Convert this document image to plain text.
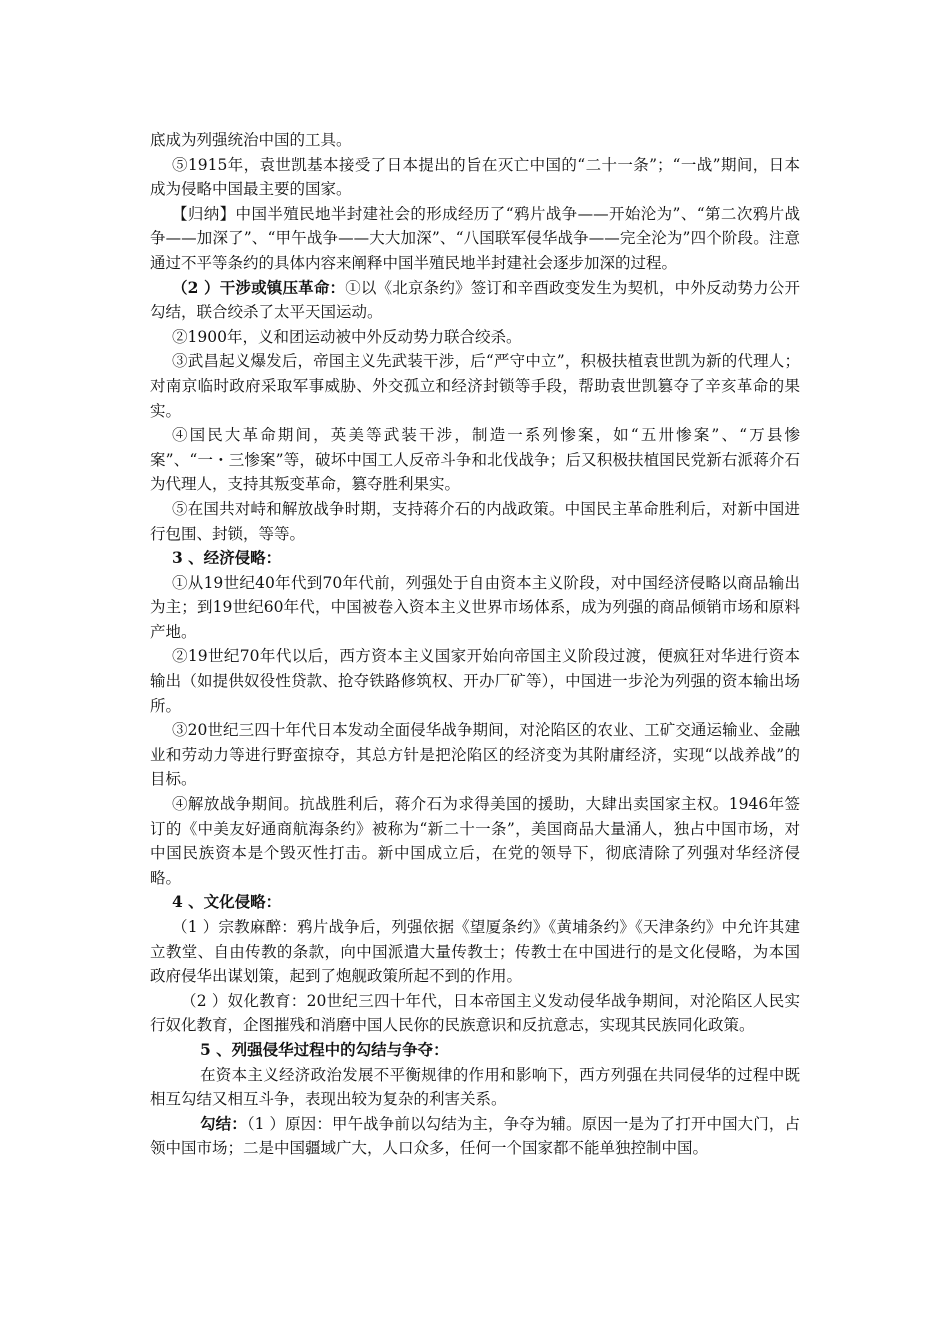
底成为列强统治中国的工具。

⑤1915年，袁世凯基本接受了日本提出的旨在灭亡中国的“二十一条”；“一战”期间，日本成为侵略中国最主要的国家。

【归纳】中国半殖民地半封建社会的形成经历了“鸦片战争——开始沦为”、“第二次鸦片战争——加深了”、“甲午战争——大大加深”、“八国联军侵华战争——完全沦为”四个阶段。注意通过不平等条约的具体内容来阐释中国半殖民地半封建社会逐步加深的过程。

（2 ）干涉或镇压革命：①以《北京条约》签订和辛酉政变发生为契机，中外反动势力公开勾结，联合绞杀了太平天国运动。

②1900年，义和团运动被中外反动势力联合绞杀。

③武昌起义爆发后，帝国主义先武装干涉，后“严守中立”，积极扶植袁世凯为新的代理人；对南京临时政府采取军事威胁、外交孤立和经济封锁等手段，帮助袁世凯篡夺了辛亥革命的果实。

④国民大革命期间，英美等武装干涉，制造一系列惨案，如“五卅惨案”、“万县惨案”、“一・三惨案”等，破坏中国工人反帝斗争和北伐战争；后又积极扶植国民党新右派蒋介石为代理人，支持其叛变革命，篡夺胜利果实。

⑤在国共对峙和解放战争时期，支持蒋介石的内战政策。中国民主革命胜利后，对新中国进行包围、封锁，等等。

3 、经济侵略：

①从19世纪40年代到70年代前，列强处于自由资本主义阶段，对中国经济侵略以商品输出为主；到19世纪60年代，中国被卷入资本主义世界市场体系，成为列强的商品倾销市场和原料产地。

②19世纪70年代以后，西方资本主义国家开始向帝国主义阶段过渡，便疯狂对华进行资本输出（如提供奴役性贷款、抢夺铁路修筑权、开办厂矿等），中国进一步沦为列强的资本输出场所。

③20世纪三四十年代日本发动全面侵华战争期间，对沦陷区的农业、工矿交通运输业、金融业和劳动力等进行野蛮掠夺，其总方针是把沦陷区的经济变为其附庸经济，实现“以战养战”的目标。

④解放战争期间。抗战胜利后，蒋介石为求得美国的援助，大肆出卖国家主权。1946年签订的《中美友好通商航海条约》被称为“新二十一条”，美国商品大量涌人，独占中国市场，对中国民族资本是个毁灭性打击。新中国成立后，在党的领导下，彻底清除了列强对华经济侵略。

4 、文化侵略：

（1 ）宗教麻醉：鸦片战争后，列强依据《望厦条约》《黄埔条约》《天津条约》中允许其建立教堂、自由传教的条款，向中国派遣大量传教士；传教士在中国进行的是文化侵略，为本国政府侵华出谋划策，起到了炮舰政策所起不到的作用。

（2 ）奴化教育：20世纪三四十年代，日本帝国主义发动侵华战争期间，对沦陷区人民实行奴化教育，企图摧残和消磨中国人民你的民族意识和反抗意志，实现其民族同化政策。

5 、列强侵华过程中的勾结与争夺：

在资本主义经济政治发展不平衡规律的作用和影响下，西方列强在共同侵华的过程中既相互勾结又相互斗争，表现出较为复杂的利害关系。

勾结：（1 ）原因：甲午战争前以勾结为主，争夺为辅。原因一是为了打开中国大门，占领中国市场；二是中国疆域广大，人口众多，任何一个国家都不能单独控制中国。
